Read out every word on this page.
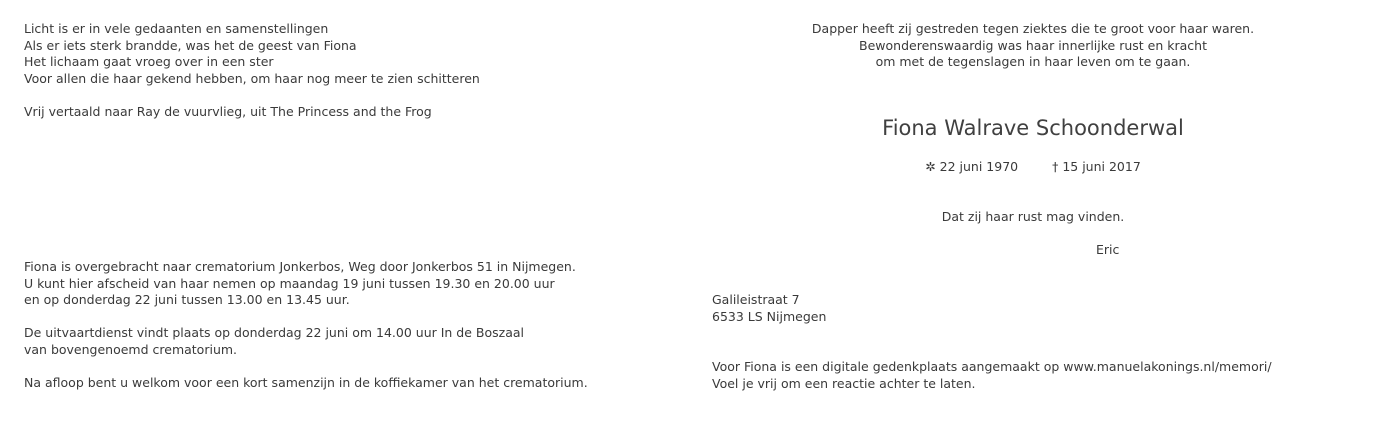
Licht is er in vele gedaanten en samenstellingen
Als er iets sterk brandde, was het de geest van Fiona
Het lichaam gaat vroeg over in een ster
Voor allen die haar gekend hebben, om haar nog meer te zien schitteren
Vrij vertaald naar Ray de vuurvlieg, uit The Princess and the Frog
Fiona is overgebracht naar crematorium Jonkerbos, Weg door Jonkerbos 51 in Nijmegen.
U kunt hier afscheid van haar nemen op maandag 19 juni tussen 19.30 en 20.00 uur
en op donderdag 22 juni tussen 13.00 en 13.45 uur.
De uitvaartdienst vindt plaats op donderdag 22 juni om 14.00 uur In de Boszaal
van bovengenoemd crematorium.
Na afloop bent u welkom voor een kort samenzijn in de koffiekamer van het crematorium.
Dapper heeft zij gestreden tegen ziektes die te groot voor haar waren.
Bewonderenswaardig was haar innerlijke rust en kracht
om met de tegenslagen in haar leven om te gaan.
Fiona Walrave Schoonderwal
✲ 22 juni 1970	† 15 juni 2017
Dat zij haar rust mag vinden.
Eric
Galileistraat 7
6533 LS Nijmegen
Voor Fiona is een digitale gedenkplaats aangemaakt op www.manuelakonings.nl/memori/
Voel je vrij om een reactie achter te laten.
